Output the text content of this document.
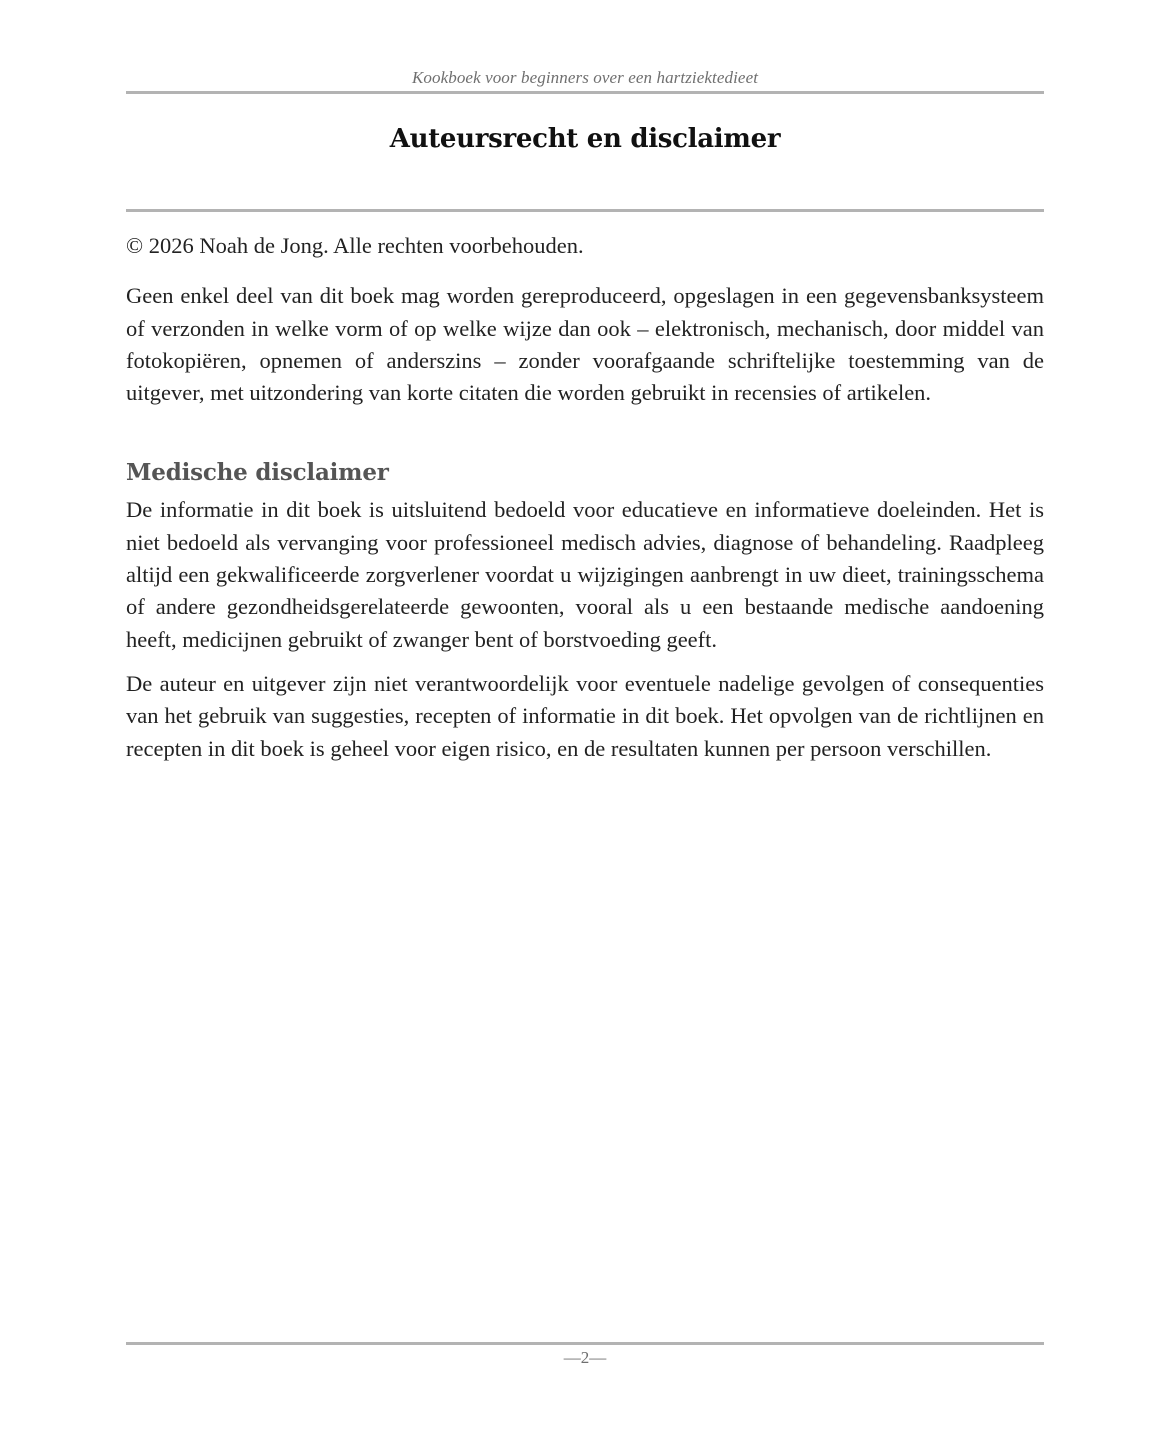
Kookboek voor beginners over een hartziektedieet
Auteursrecht en disclaimer

© 2026 Noah de Jong. Alle rechten voorbehouden.

Geen enkel deel van dit boek mag worden gereproduceerd, opgeslagen in een gegevensbanksysteem of verzonden in welke vorm of op welke wijze dan ook – elektronisch, mechanisch, door middel van fotokopiëren, opnemen of anderszins – zonder voorafgaande schriftelijke toestemming van de uitgever, met uitzondering van korte citaten die worden gebruikt in recensies of artikelen.

Medische disclaimer

De informatie in dit boek is uitsluitend bedoeld voor educatieve en informatieve doeleinden. Het is niet bedoeld als vervanging voor professioneel medisch advies, diagnose of behandeling. Raadpleeg altijd een gekwalificeerde zorgverlener voordat u wijzigingen aanbrengt in uw dieet, trainingsschema of andere gezondheidsgerelateerde gewoonten, vooral als u een bestaande medische aandoening heeft, medicijnen gebruikt of zwanger bent of borstvoeding geeft.

De auteur en uitgever zijn niet verantwoordelijk voor eventuele nadelige gevolgen of consequenties van het gebruik van suggesties, recepten of informatie in dit boek. Het opvolgen van de richtlijnen en recepten in dit boek is geheel voor eigen risico, en de resultaten kunnen per persoon verschillen.

—2—
